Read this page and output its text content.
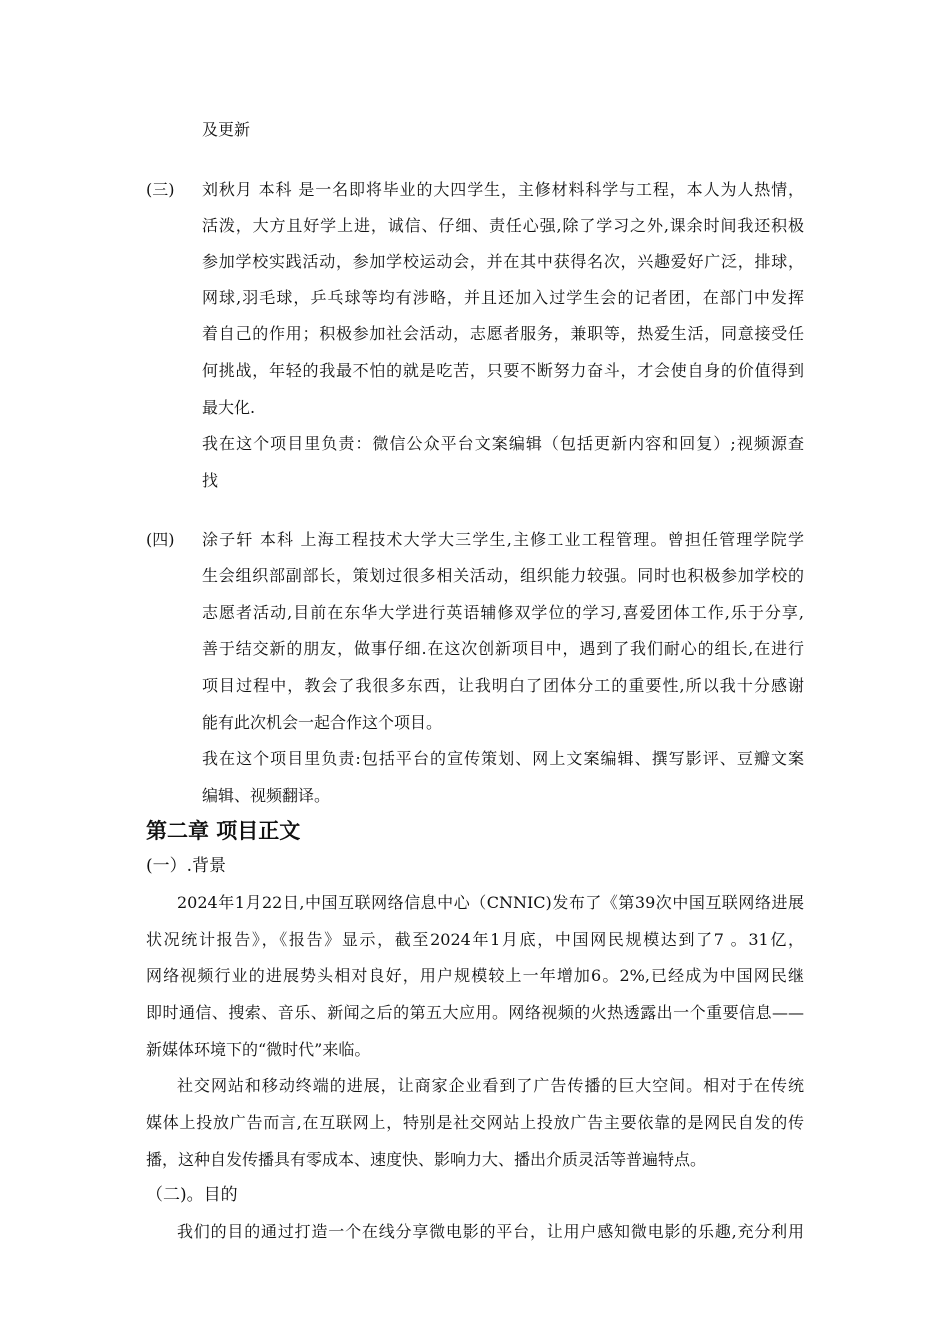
及更新
(三) 刘秋月 本科 是一名即将毕业的大四学生，主修材料科学与工程，本人为人热情，
活泼，大方且好学上进，诚信、仔细、责任心强,除了学习之外,课余时间我还积极
参加学校实践活动，参加学校运动会，并在其中获得名次，兴趣爱好广泛，排球，
网球,羽毛球，乒乓球等均有涉略，并且还加入过学生会的记者团，在部门中发挥
着自己的作用；积极参加社会活动，志愿者服务，兼职等，热爱生活，同意接受任
何挑战，年轻的我最不怕的就是吃苦，只要不断努力奋斗，才会使自身的价值得到
最大化.
我在这个项目里负责：微信公众平台文案编辑（包括更新内容和回复）;视频源查
找
(四) 涂子轩 本科 上海工程技术大学大三学生,主修工业工程管理。曾担任管理学院学
生会组织部副部长，策划过很多相关活动，组织能力较强。同时也积极参加学校的
志愿者活动,目前在东华大学进行英语辅修双学位的学习,喜爱团体工作,乐于分享,
善于结交新的朋友，做事仔细.在这次创新项目中，遇到了我们耐心的组长,在进行
项目过程中，教会了我很多东西，让我明白了团体分工的重要性,所以我十分感谢
能有此次机会一起合作这个项目。
我在这个项目里负责:包括平台的宣传策划、网上文案编辑、撰写影评、豆瓣文案
编辑、视频翻译。
第二章 项目正文
(一）.背景
2024年1月22日,中国互联网络信息中心（CNNIC)发布了《第39次中国互联网络进展
状况统计报告》，《报告》显示，截至2024年1月底，中国网民规模达到了7 。31亿，
网络视频行业的进展势头相对良好，用户规模较上一年增加6。2%,已经成为中国网民继
即时通信、搜索、音乐、新闻之后的第五大应用。网络视频的火热透露出一个重要信息——
新媒体环境下的“微时代”来临。
社交网站和移动终端的进展，让商家企业看到了广告传播的巨大空间。相对于在传统
媒体上投放广告而言,在互联网上，特别是社交网站上投放广告主要依靠的是网民自发的传
播，这种自发传播具有零成本、速度快、影响力大、播出介质灵活等普遍特点。
（二)。目的
我们的目的通过打造一个在线分享微电影的平台，让用户感知微电影的乐趣,充分利用
